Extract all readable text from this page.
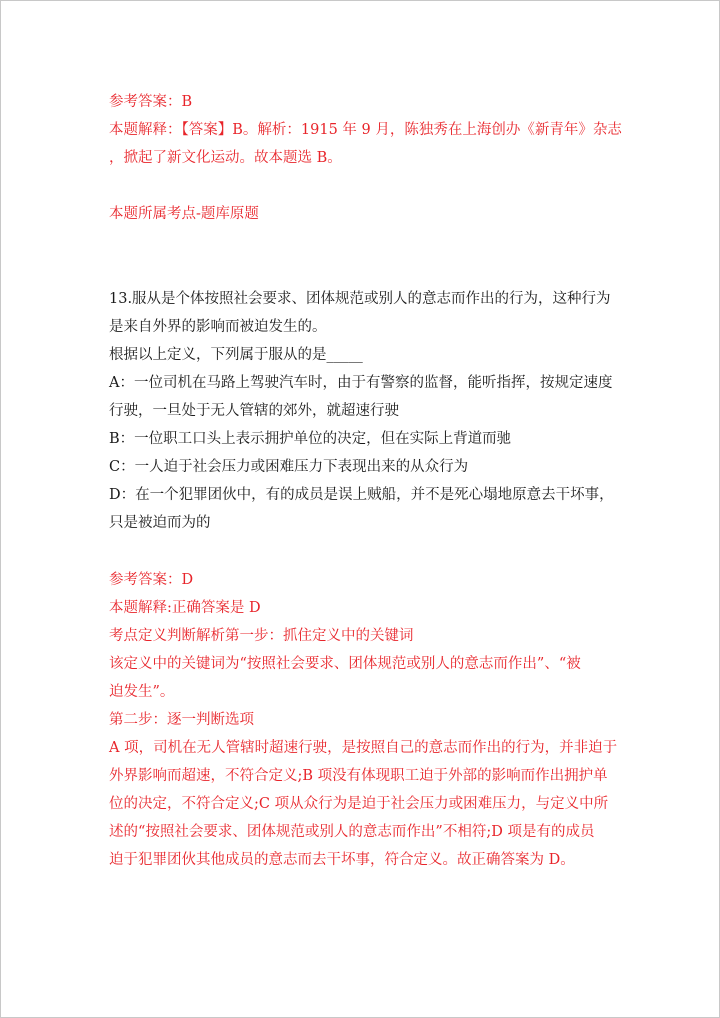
参考答案：B

本题解释：【答案】B。解析：1915 年 9 月，陈独秀在上海创办《新青年》杂志

，掀起了新文化运动。故本题选 B。

本题所属考点-题库原题

13.服从是个体按照社会要求、团体规范或别人的意志而作出的行为，这种行为

是来自外界的影响而被迫发生的。

根据以上定义，下列属于服从的是_____

A：一位司机在马路上驾驶汽车时，由于有警察的监督，能听指挥，按规定速度

行驶，一旦处于无人管辖的郊外，就超速行驶

B：一位职工口头上表示拥护单位的决定，但在实际上背道而驰

C：一人迫于社会压力或困难压力下表现出来的从众行为

D：在一个犯罪团伙中，有的成员是误上贼船，并不是死心塌地原意去干坏事，

只是被迫而为的

参考答案：D

本题解释:正确答案是 D

考点定义判断解析第一步：抓住定义中的关键词

该定义中的关键词为“按照社会要求、团体规范或别人的意志而作出”、“被

迫发生”。

第二步：逐一判断选项

A 项，司机在无人管辖时超速行驶，是按照自己的意志而作出的行为，并非迫于

外界影响而超速，不符合定义;B 项没有体现职工迫于外部的影响而作出拥护单

位的决定，不符合定义;C 项从众行为是迫于社会压力或困难压力，与定义中所

述的“按照社会要求、团体规范或别人的意志而作出”不相符;D 项是有的成员

迫于犯罪团伙其他成员的意志而去干坏事，符合定义。故正确答案为 D。
